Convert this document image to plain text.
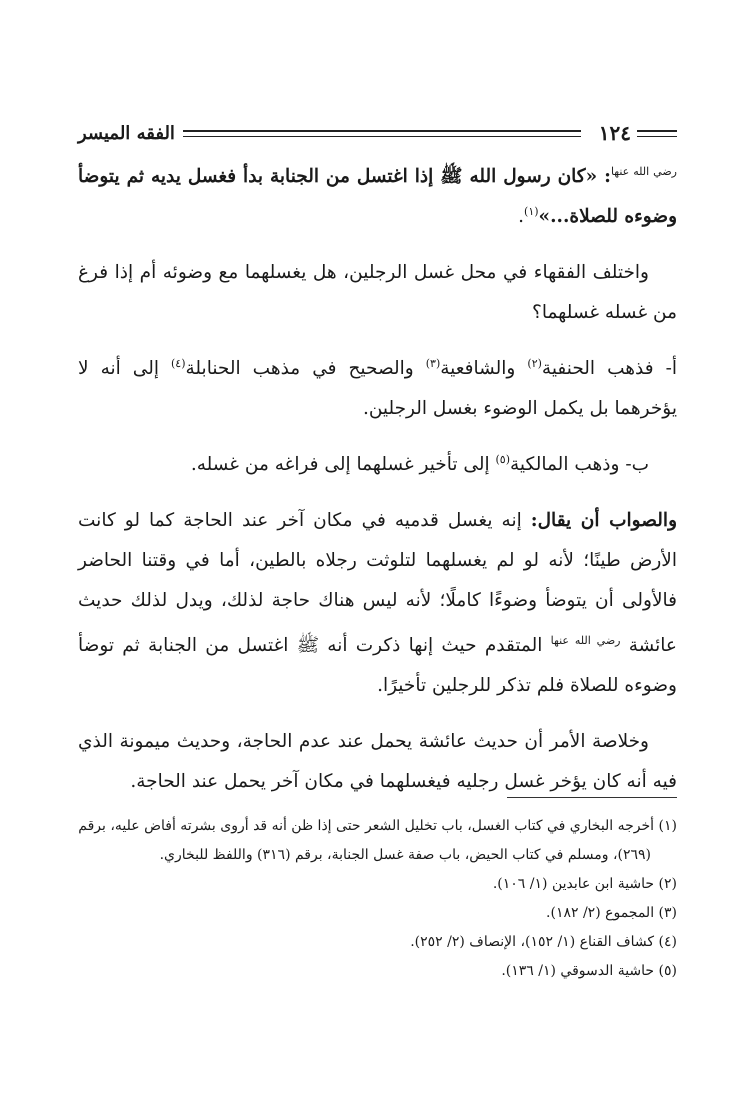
١٢٤
الفقه الميسر

$^{رضي الله عنها}$: «كان رسول الله ﷺ إذا اغتسل من الجنابة بدأ فغسل يديه ثم يتوضأ وضوءه للصلاة...»$^{(١)}$.

واختلف الفقهاء في محل غسل الرجلين، هل يغسلهما مع وضوئه أم إذا فرغ من غسله غسلهما؟

أ- فذهب الحنفية$^{(٢)}$ والشافعية$^{(٣)}$ والصحيح في مذهب الحنابلة$^{(٤)}$ إلى أنه لا يؤخرهما بل يكمل الوضوء بغسل الرجلين.

ب- وذهب المالكية$^{(٥)}$ إلى تأخير غسلهما إلى فراغه من غسله.

والصواب أن يقال: إنه يغسل قدميه في مكان آخر عند الحاجة كما لو كانت الأرض طينًا؛ لأنه لو لم يغسلهما لتلوثت رجلاه بالطين، أما في وقتنا الحاضر فالأولى أن يتوضأ وضوءًا كاملًا؛ لأنه ليس هناك حاجة لذلك، ويدل لذلك حديث عائشة $^{رضي الله عنها}$ المتقدم حيث إنها ذكرت أنه ﷺ اغتسل من الجنابة ثم توضأ وضوءه للصلاة فلم تذكر للرجلين تأخيرًا.

وخلاصة الأمر أن حديث عائشة يحمل عند عدم الحاجة، وحديث ميمونة الذي فيه أنه كان يؤخر غسل رجليه فيغسلهما في مكان آخر يحمل عند الحاجة.

(١) أخرجه البخاري في كتاب الغسل، باب تخليل الشعر حتى إذا ظن أنه قد أروى بشرته أفاض عليه، برقم (٢٦٩)، ومسلم في كتاب الحيض، باب صفة غسل الجنابة، برقم (٣١٦) واللفظ للبخاري.

(٢) حاشية ابن عابدين (١/ ١٠٦).

(٣) المجموع (٢/ ١٨٢).

(٤) كشاف القناع (١/ ١٥٢)، الإنصاف (٢/ ٢٥٢).

(٥) حاشية الدسوقي (١/ ١٣٦).
